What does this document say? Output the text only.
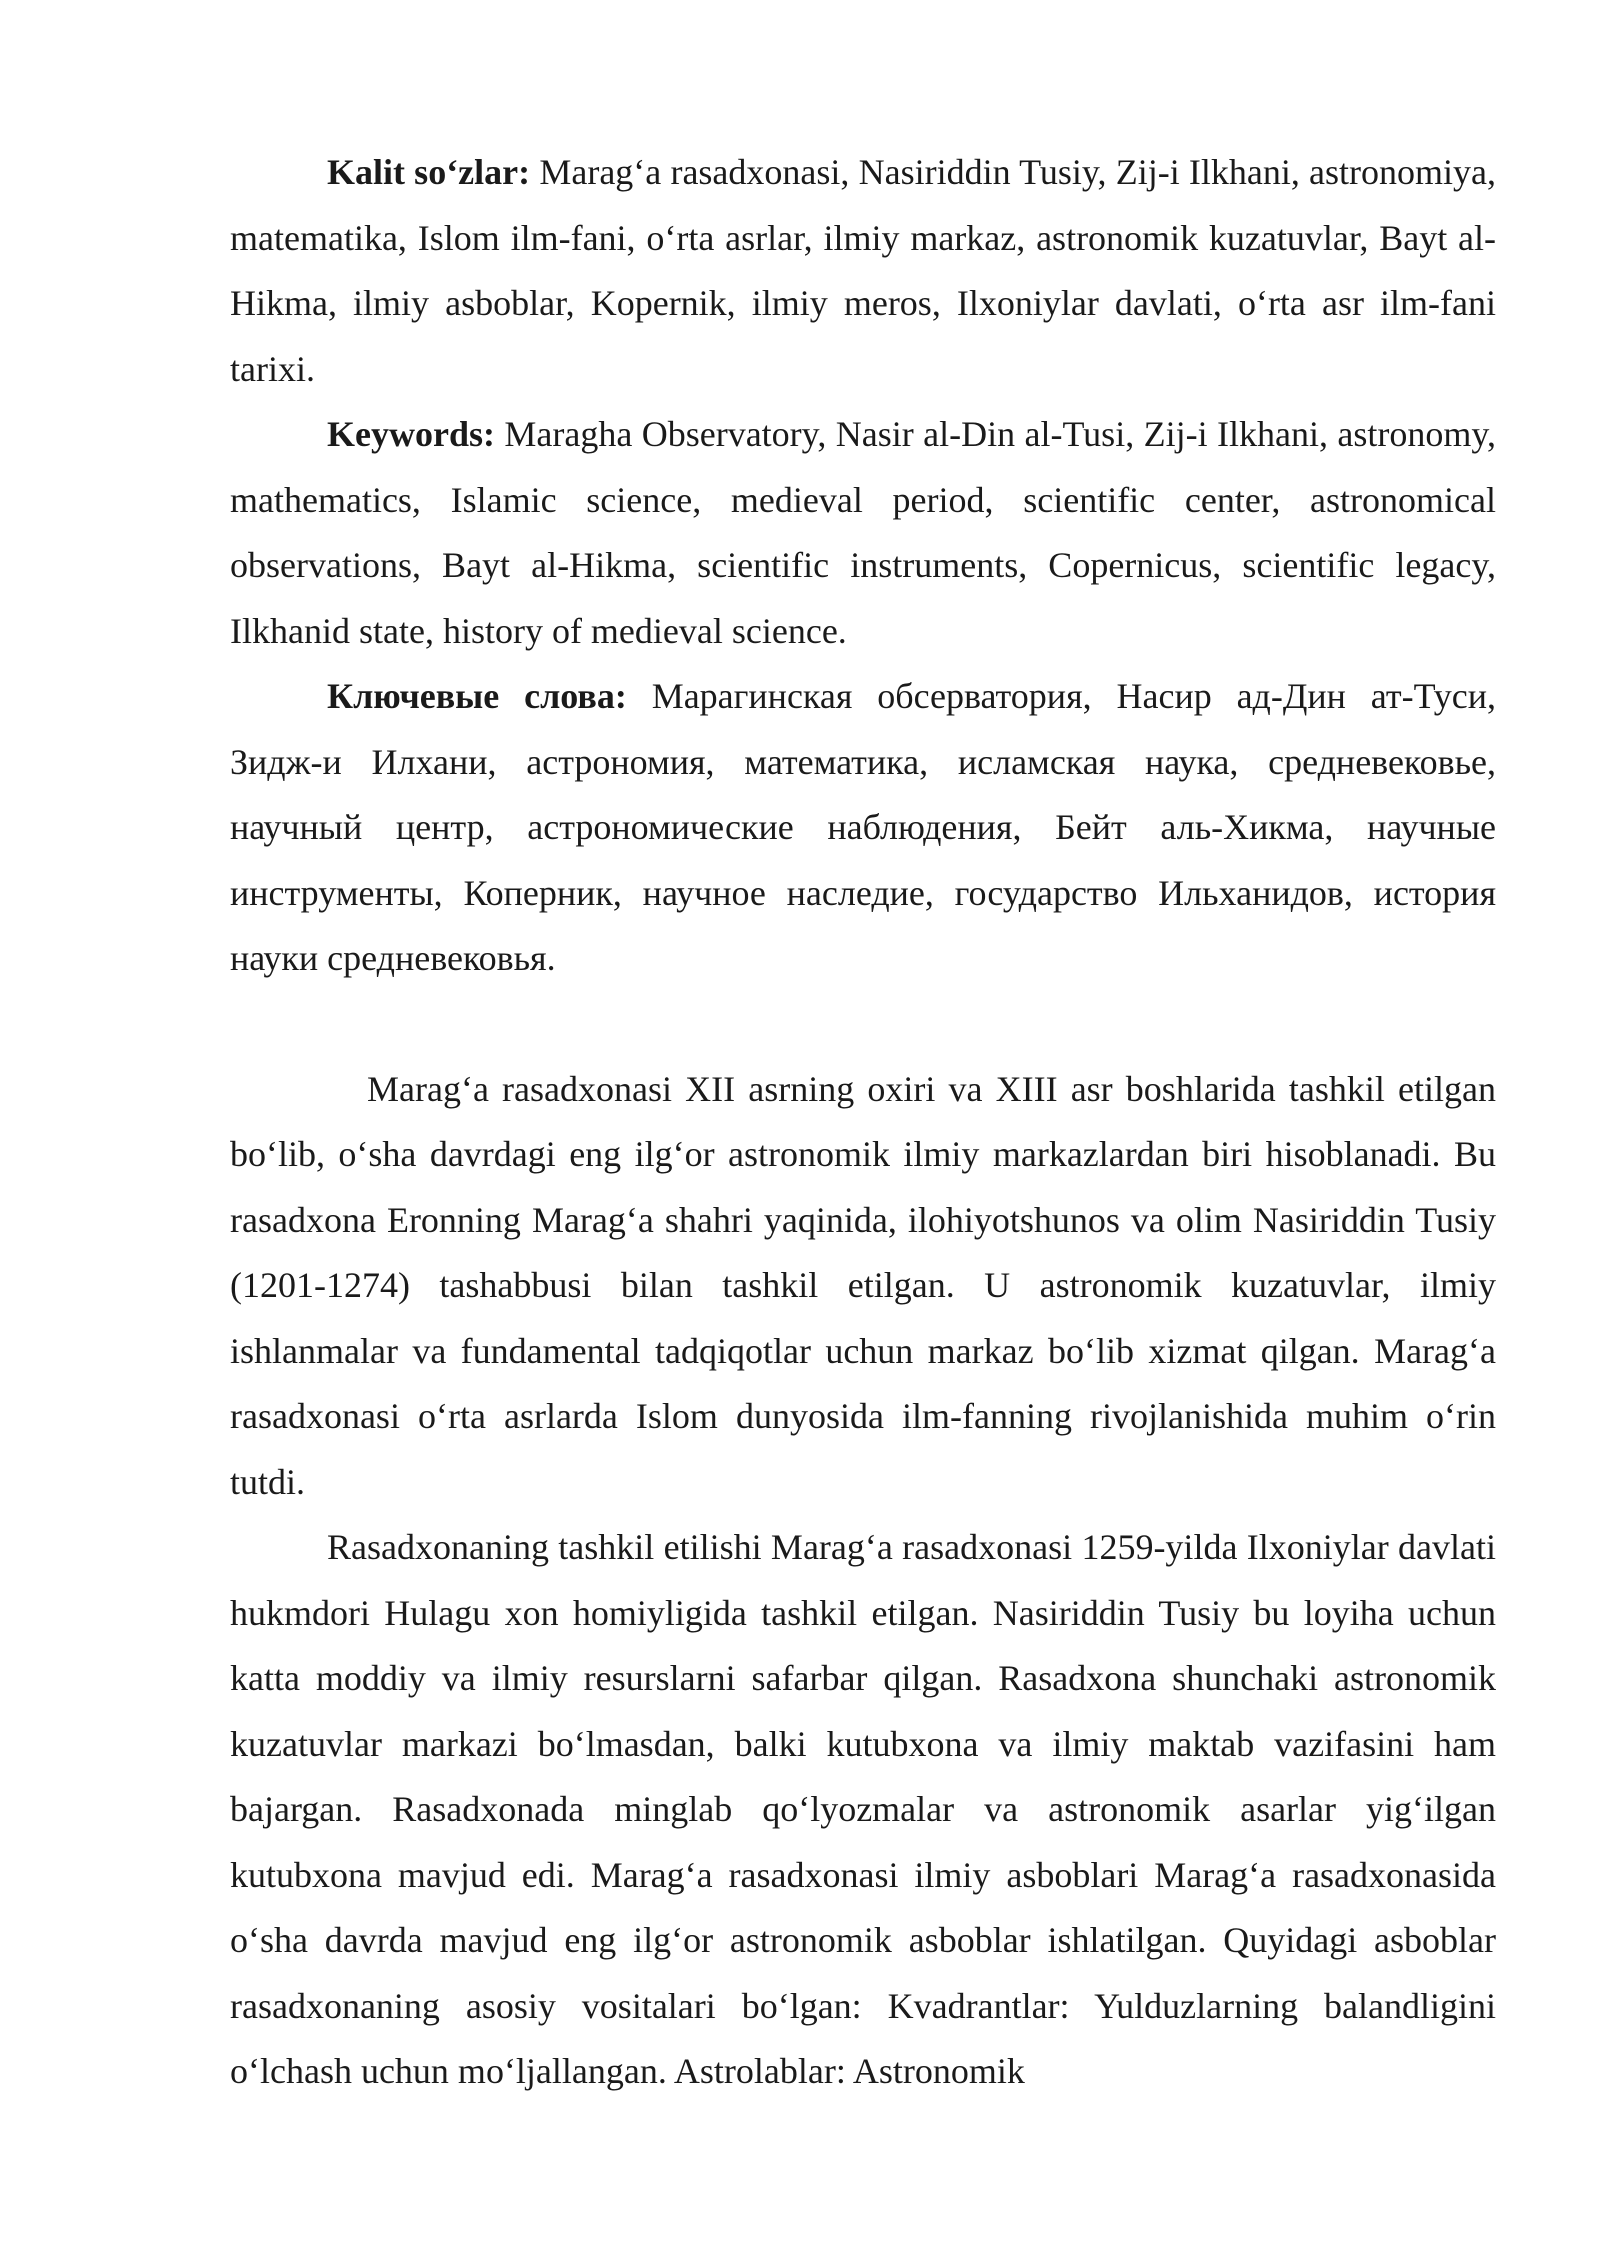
Kalit so‘zlar: Marag‘a rasadxonasi, Nasiriddin Tusiy, Zij-i Ilkhani, astronomiya, matematika, Islom ilm-fani, o‘rta asrlar, ilmiy markaz, astronomik kuzatuvlar, Bayt al-Hikma, ilmiy asboblar, Kopernik, ilmiy meros, Ilxoniylar davlati, o‘rta asr ilm-fani tarixi.

Keywords: Maragha Observatory, Nasir al-Din al-Tusi, Zij-i Ilkhani, astronomy, mathematics, Islamic science, medieval period, scientific center, astronomical observations, Bayt al-Hikma, scientific instruments, Copernicus, scientific legacy, Ilkhanid state, history of medieval science.

Ключевые слова: Марагинская обсерватория, Насир ад-Дин ат-Туси, Зидж-и Илхани, астрономия, математика, исламская наука, средневековье, научный центр, астрономические наблюдения, Бейт аль-Хикма, научные инструменты, Коперник, научное наследие, государство Ильханидов, история науки средневековья.

Marag‘a rasadxonasi XII asrning oxiri va XIII asr boshlarida tashkil etilgan bo‘lib, o‘sha davrdagi eng ilg‘or astronomik ilmiy markazlardan biri hisoblanadi. Bu rasadxona Eronning Marag‘a shahri yaqinida, ilohiyotshunos va olim Nasiriddin Tusiy (1201-1274) tashabbusi bilan tashkil etilgan. U astronomik kuzatuvlar, ilmiy ishlanmalar va fundamental tadqiqotlar uchun markaz bo‘lib xizmat qilgan. Marag‘a rasadxonasi o‘rta asrlarda Islom dunyosida ilm-fanning rivojlanishida muhim o‘rin tutdi.

Rasadxonaning tashkil etilishi Marag‘a rasadxonasi 1259-yilda Ilxoniylar davlati hukmdori Hulagu xon homiyligida tashkil etilgan. Nasiriddin Tusiy bu loyiha uchun katta moddiy va ilmiy resurslarni safarbar qilgan. Rasadxona shunchaki astronomik kuzatuvlar markazi bo‘lmasdan, balki kutubxona va ilmiy maktab vazifasini ham bajargan. Rasadxonada minglab qo‘lyozmalar va astronomik asarlar yig‘ilgan kutubxona mavjud edi. Marag‘a rasadxonasi ilmiy asboblari Marag‘a rasadxonasida o‘sha davrda mavjud eng ilg‘or astronomik asboblar ishlatilgan. Quyidagi asboblar rasadxonaning asosiy vositalari bo‘lgan: Kvadrantlar: Yulduzlarning balandligini o‘lchash uchun mo‘ljallangan. Astrolablar: Astronomik
